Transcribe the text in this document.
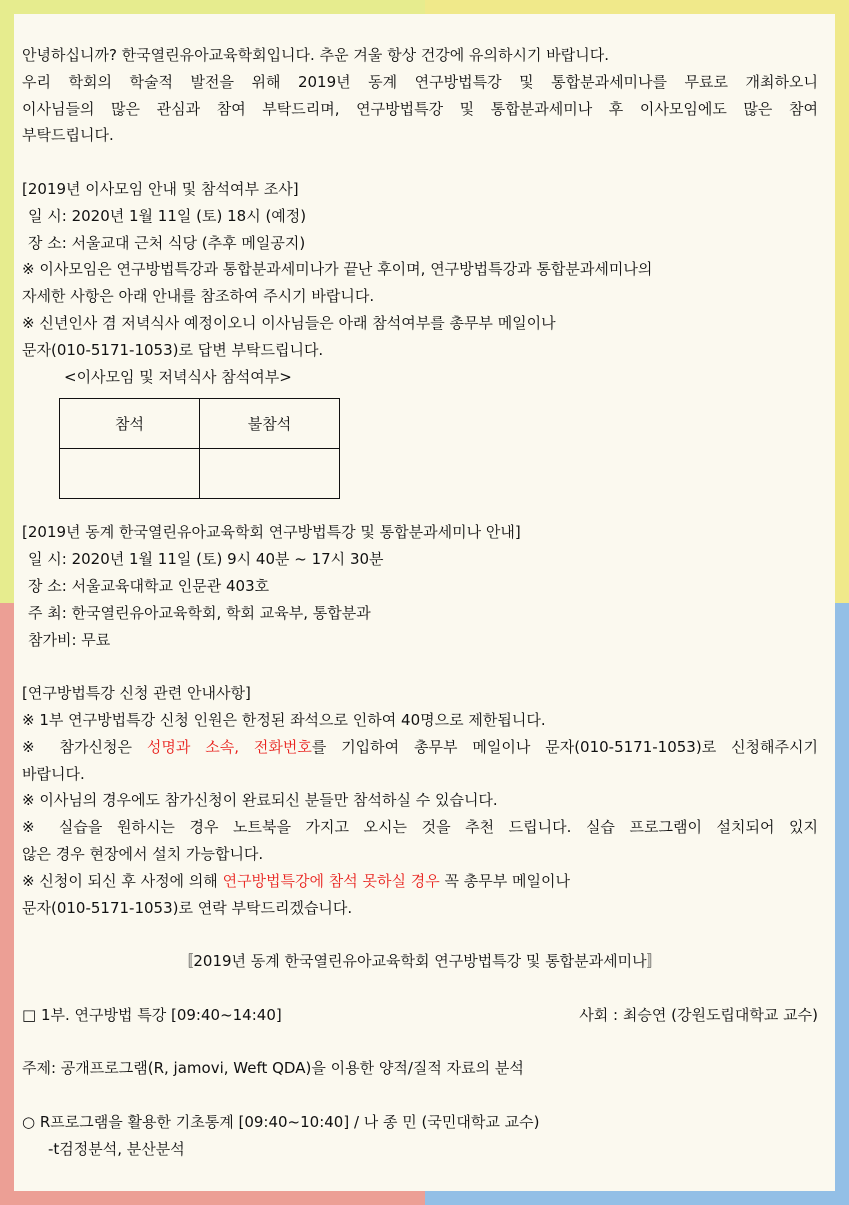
안녕하십니까? 한국열린유아교육학회입니다. 추운 겨울 항상 건강에 유의하시기 바랍니다.
우리 학회의 학술적 발전을 위해 2019년 동계 연구방법특강 및 통합분과세미나를 무료로 개최하오니
이사님들의 많은 관심과 참여 부탁드리며, 연구방법특강 및 통합분과세미나 후 이사모임에도 많은 참여
부탁드립니다.
[2019년 이사모임 안내 및 참석여부 조사]
일 시: 2020년 1월 11일 (토) 18시 (예정)
장 소: 서울교대 근처 식당 (추후 메일공지)
※ 이사모임은 연구방법특강과 통합분과세미나가 끝난 후이며, 연구방법특강과 통합분과세미나의
자세한 사항은 아래 안내를 참조하여 주시기 바랍니다.
※ 신년인사 겸 저녁식사 예정이오니 이사님들은 아래 참석여부를 총무부 메일이나
문자(010-5171-1053)로 답변 부탁드립니다.
<이사모임 및 저녁식사 참석여부>
참석	불참석

[2019년 동계 한국열린유아교육학회 연구방법특강 및 통합분과세미나 안내]
일 시: 2020년 1월 11일 (토) 9시 40분 ~ 17시 30분
장 소: 서울교육대학교 인문관 403호
주 최: 한국열린유아교육학회, 학회 교육부, 통합분과
참가비: 무료
[연구방법특강 신청 관련 안내사항]
※ 1부 연구방법특강 신청 인원은 한정된 좌석으로 인하여 40명으로 제한됩니다.
※ 참가신청은 성명과 소속, 전화번호를 기입하여 총무부 메일이나 문자(010-5171-1053)로 신청해주시기
바랍니다.
※ 이사님의 경우에도 참가신청이 완료되신 분들만 참석하실 수 있습니다.
※ 실습을 원하시는 경우 노트북을 가지고 오시는 것을 추천 드립니다. 실습 프로그램이 설치되어 있지
않은 경우 현장에서 설치 가능합니다.
※ 신청이 되신 후 사정에 의해 연구방법특강에 참석 못하실 경우 꼭 총무부 메일이나
문자(010-5171-1053)로 연락 부탁드리겠습니다.
〚2019년 동계 한국열린유아교육학회 연구방법특강 및 통합분과세미나〛
□ 1부. 연구방법 특강 [09:40~14:40]	사회 : 최승연 (강원도립대학교 교수)
주제: 공개프로그램(R, jamovi, Weft QDA)을 이용한 양적/질적 자료의 분석
○ R프로그램을 활용한 기초통계 [09:40~10:40] / 나 종 민 (국민대학교 교수)
-t검정분석, 분산분석
